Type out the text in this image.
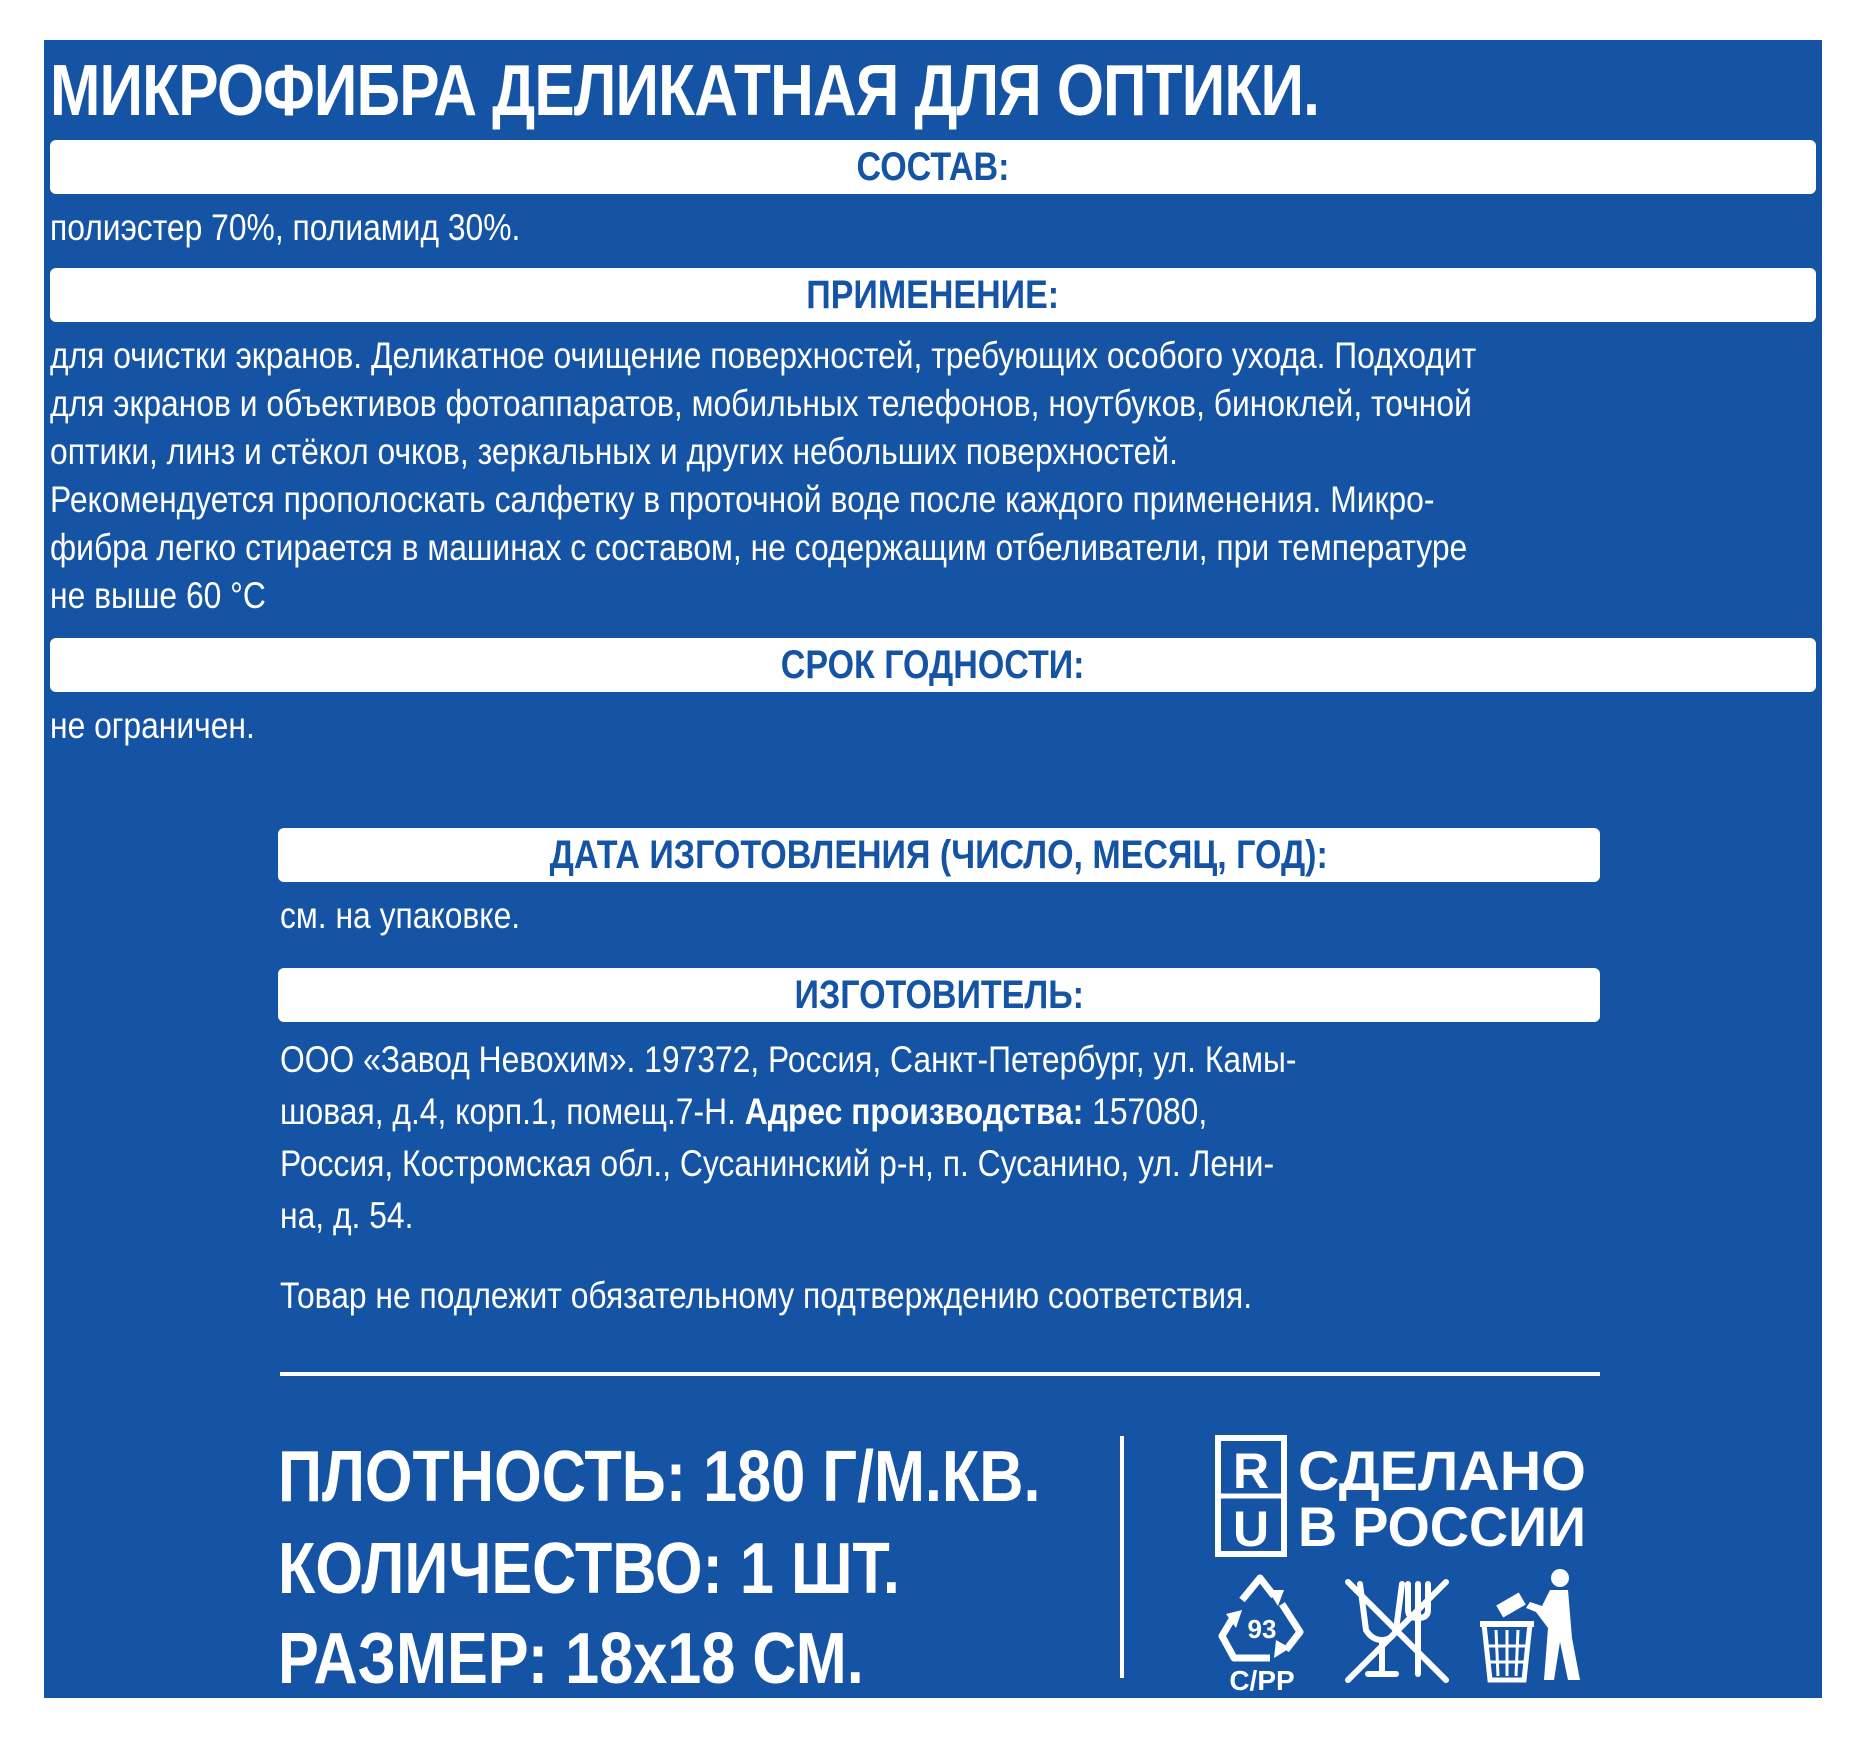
МИКРОФИБРА ДЕЛИКАТНАЯ ДЛЯ ОПТИКИ.
СОСТАВ:
полиэстер 70%, полиамид 30%.
ПРИМЕНЕНИЕ:
для очистки экранов. Деликатное очищение поверхностей, требующих особого ухода. Подходит
для экранов и объективов фотоаппаратов, мобильных телефонов, ноутбуков, биноклей, точной
оптики, линз и стёкол очков, зеркальных и других небольших поверхностей.
Рекомендуется прополоскать салфетку в проточной воде после каждого применения. Микро-
фибра легко стирается в машинах с составом, не содержащим отбеливатели, при температуре
не выше 60 °С
СРОК ГОДНОСТИ:
не ограничен.
ДАТА ИЗГОТОВЛЕНИЯ (ЧИСЛО, МЕСЯЦ, ГОД):
см. на упаковке.
ИЗГОТОВИТЕЛЬ:
ООО «Завод Невохим». 197372, Россия, Санкт-Петербург, ул. Камы-
шовая, д.4, корп.1, помещ.7-Н. Адрес производства: 157080,
Россия, Костромская обл., Сусанинский р-н, п. Сусанино, ул. Лени-
на, д. 54.
Товар не подлежит обязательному подтверждению соответствия.
ПЛОТНОСТЬ: 180 Г/М.КВ.
КОЛИЧЕСТВО: 1 ШТ.
РАЗМЕР: 18х18 СМ.
R
U
СДЕЛАНО
В РОССИИ
93
C/PP
